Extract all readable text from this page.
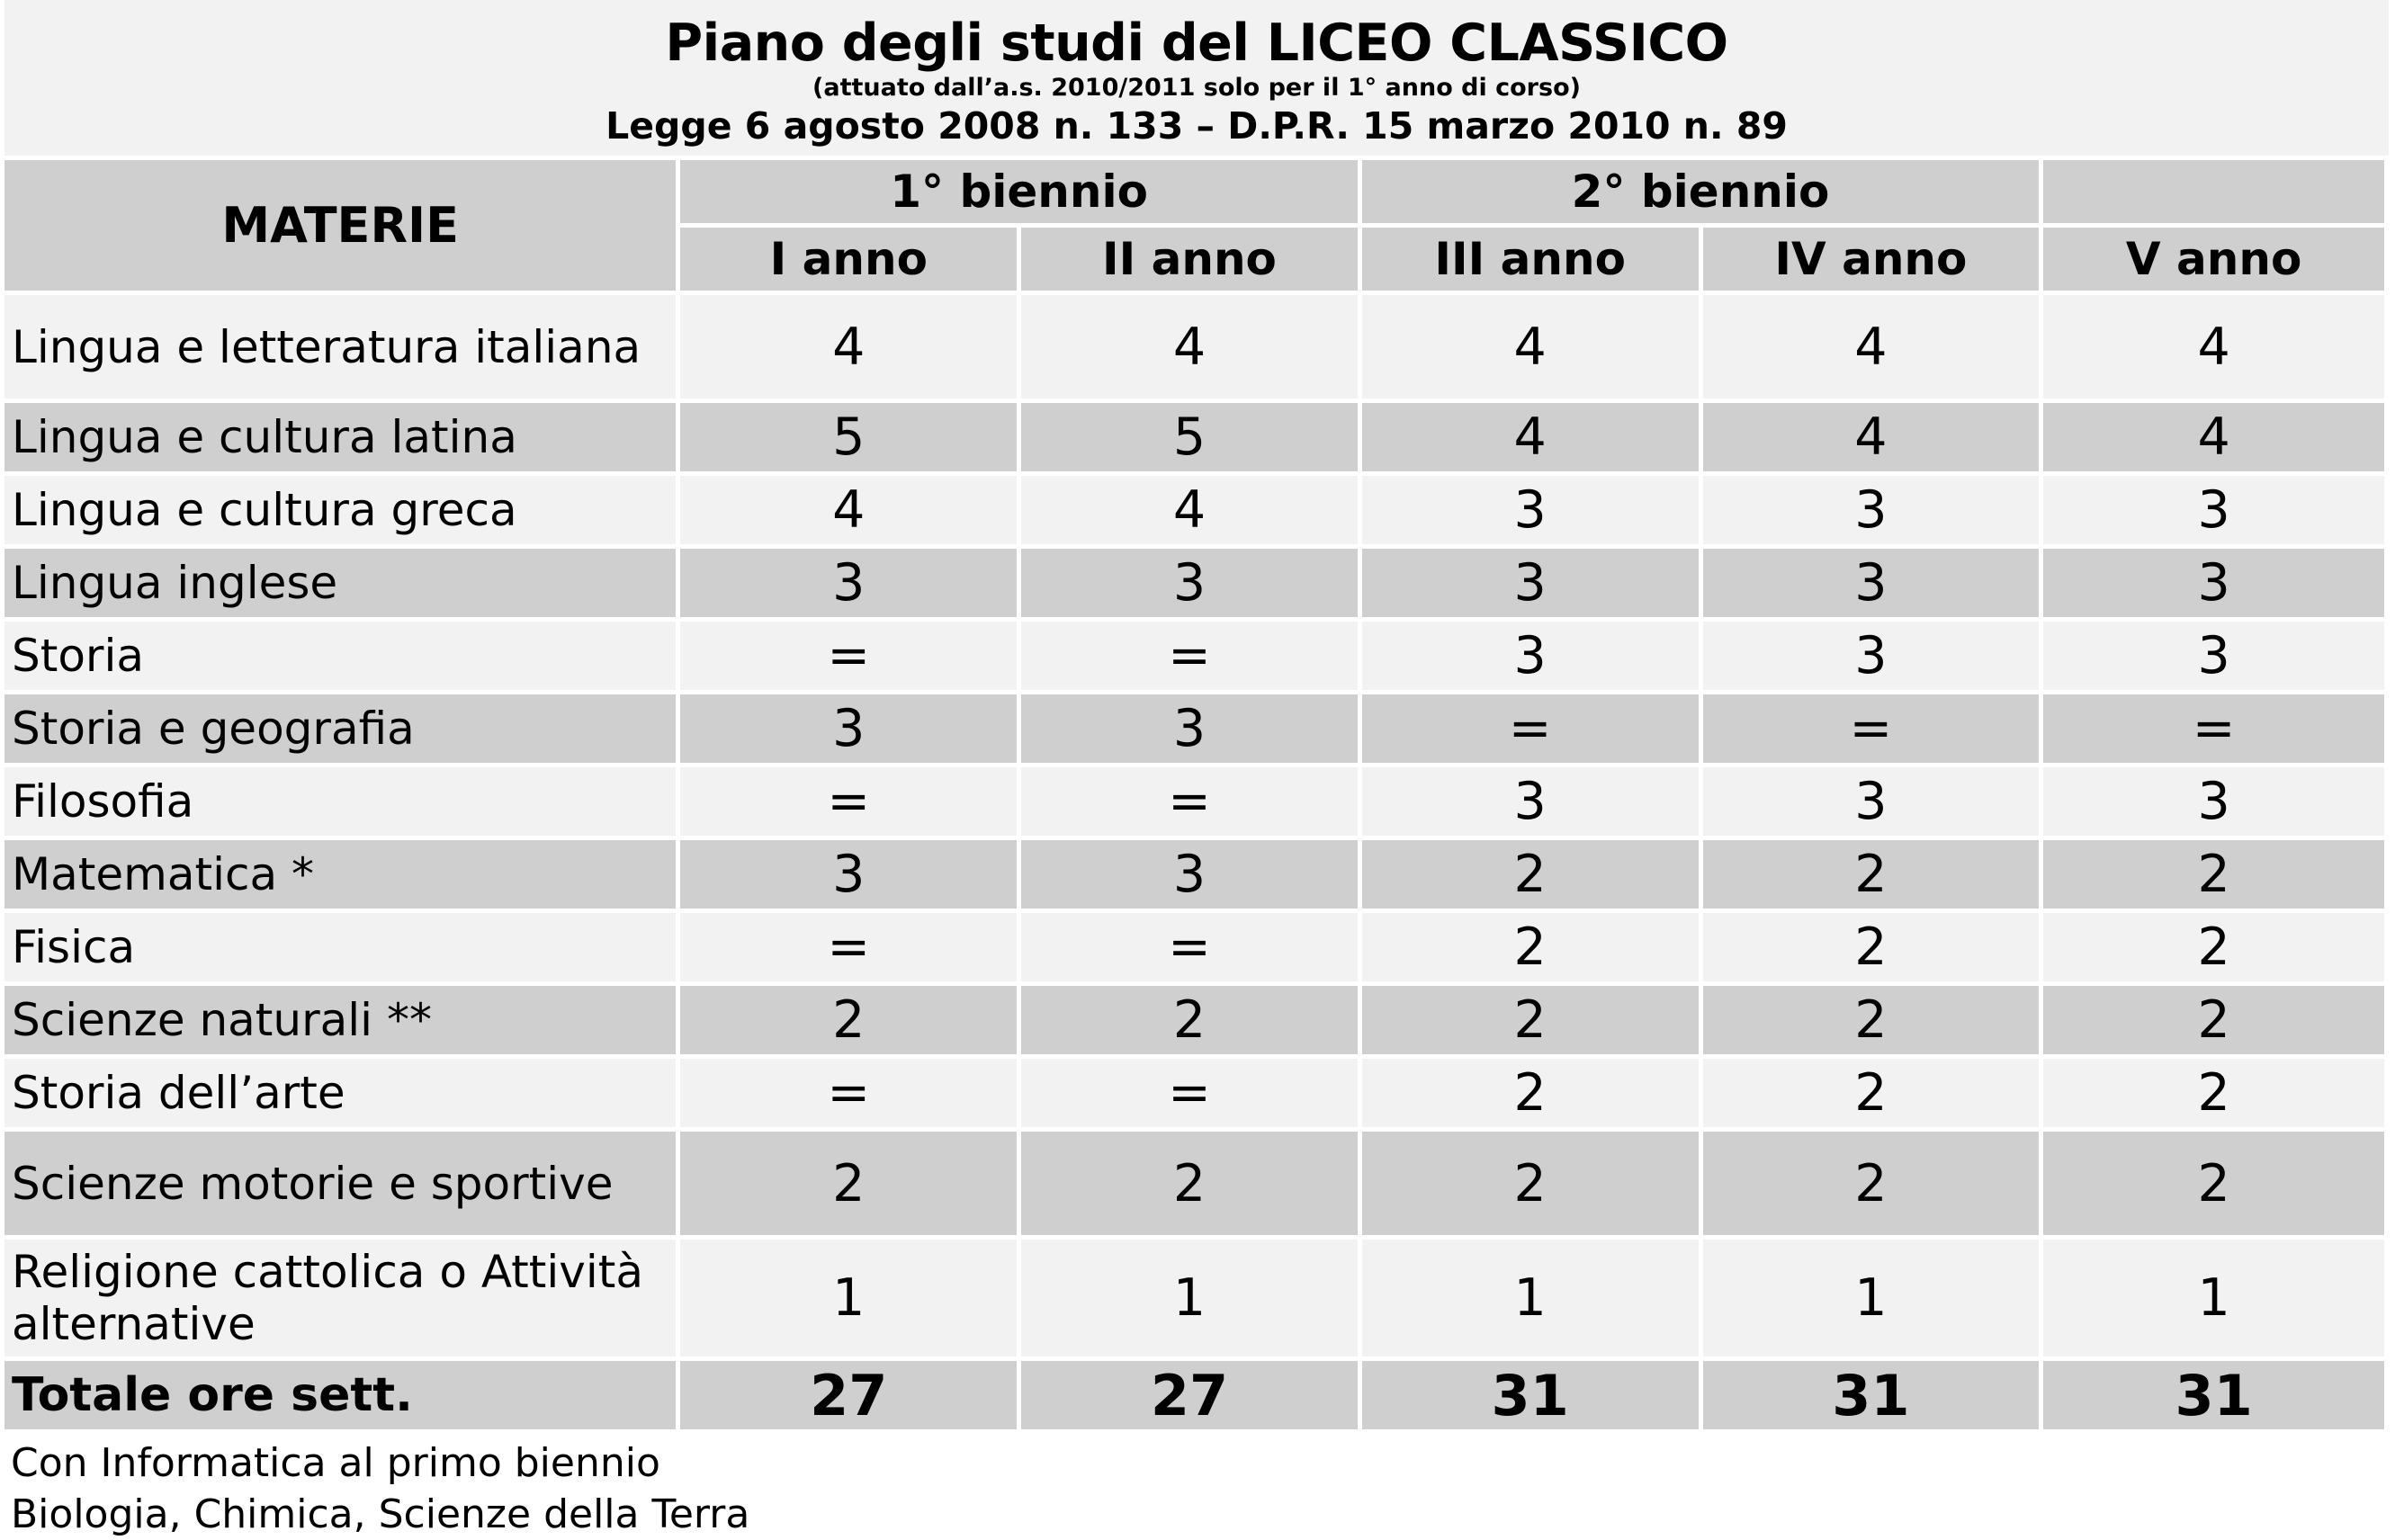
Piano degli studi del LICEO CLASSICO
(attuato dall’a.s. 2010/2011 solo per il 1° anno di corso)
Legge 6 agosto 2008 n. 133 – D.P.R. 15 marzo 2010 n. 89
MATERIE	1° biennio		2° biennio		
	I anno	II anno	III anno	IV anno	V anno
Lingua e letteratura italiana	4	4	4	4	4
Lingua e cultura latina	5	5	4	4	4
Lingua e cultura greca	4	4	3	3	3
Lingua inglese	3	3	3	3	3
Storia	=	=	3	3	3
Storia e geografia	3	3	=	=	=
Filosofia	=	=	3	3	3
Matematica *	3	3	2	2	2
Fisica	=	=	2	2	2
Scienze naturali **	2	2	2	2	2
Storia dell’arte	=	=	2	2	2
Scienze motorie e sportive	2	2	2	2	2
Religione cattolica o Attività alternative	1	1	1	1	1
Totale ore sett.	27	27	31	31	31
Con Informatica al primo biennio
Biologia, Chimica, Scienze della Terra
